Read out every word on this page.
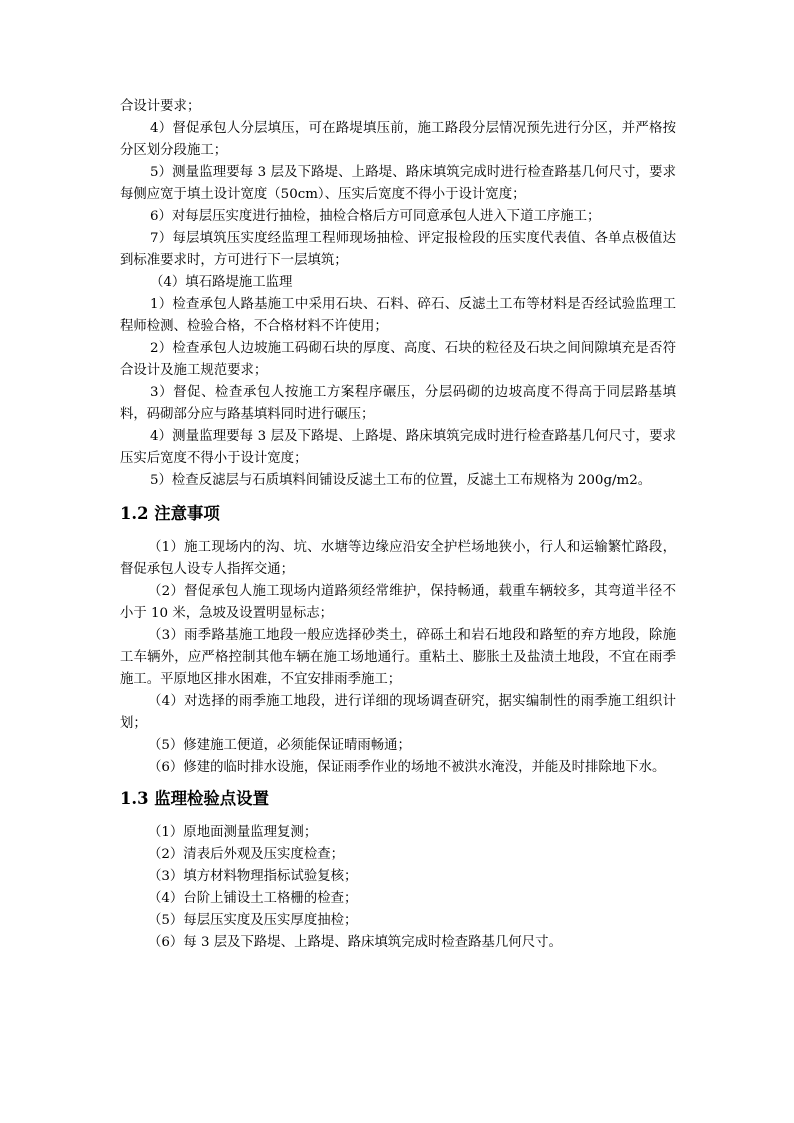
合设计要求；

4）督促承包人分层填压，可在路堤填压前，施工路段分层情况预先进行分区，并严格按分区划分段施工；

5）测量监理要每 3 层及下路堤、上路堤、路床填筑完成时进行检查路基几何尺寸，要求每侧应宽于填土设计宽度（50cm）、压实后宽度不得小于设计宽度；

6）对每层压实度进行抽检，抽检合格后方可同意承包人进入下道工序施工；

7）每层填筑压实度经监理工程师现场抽检、评定报检段的压实度代表值、各单点极值达到标准要求时，方可进行下一层填筑；

（4）填石路堤施工监理

1）检查承包人路基施工中采用石块、石料、碎石、反滤土工布等材料是否经试验监理工程师检测、检验合格，不合格材料不许使用；

2）检查承包人边坡施工码砌石块的厚度、高度、石块的粒径及石块之间间隙填充是否符合设计及施工规范要求；

3）督促、检查承包人按施工方案程序碾压，分层码砌的边坡高度不得高于同层路基填料，码砌部分应与路基填料同时进行碾压；

4）测量监理要每 3 层及下路堤、上路堤、路床填筑完成时进行检查路基几何尺寸，要求压实后宽度不得小于设计宽度；

5）检查反滤层与石质填料间铺设反滤土工布的位置，反滤土工布规格为 200g/m2。

1.2 注意事项

（1）施工现场内的沟、坑、水塘等边缘应沿安全护栏场地狭小，行人和运输繁忙路段，督促承包人设专人指挥交通；

（2）督促承包人施工现场内道路须经常维护，保持畅通，载重车辆较多，其弯道半径不小于 10 米，急坡及设置明显标志；

（3）雨季路基施工地段一般应选择砂类土，碎砾土和岩石地段和路堑的弃方地段，除施工车辆外，应严格控制其他车辆在施工场地通行。重粘土、膨胀土及盐渍土地段，不宜在雨季施工。平原地区排水困难，不宜安排雨季施工；

（4）对选择的雨季施工地段，进行详细的现场调查研究，据实编制性的雨季施工组织计划；

（5）修建施工便道，必须能保证晴雨畅通；

（6）修建的临时排水设施，保证雨季作业的场地不被洪水淹没，并能及时排除地下水。

1.3 监理检验点设置

（1）原地面测量监理复测；

（2）清表后外观及压实度检查；

（3）填方材料物理指标试验复核；

（4）台阶上铺设土工格栅的检查；

（5）每层压实度及压实厚度抽检；

（6）每 3 层及下路堤、上路堤、路床填筑完成时检查路基几何尺寸。
